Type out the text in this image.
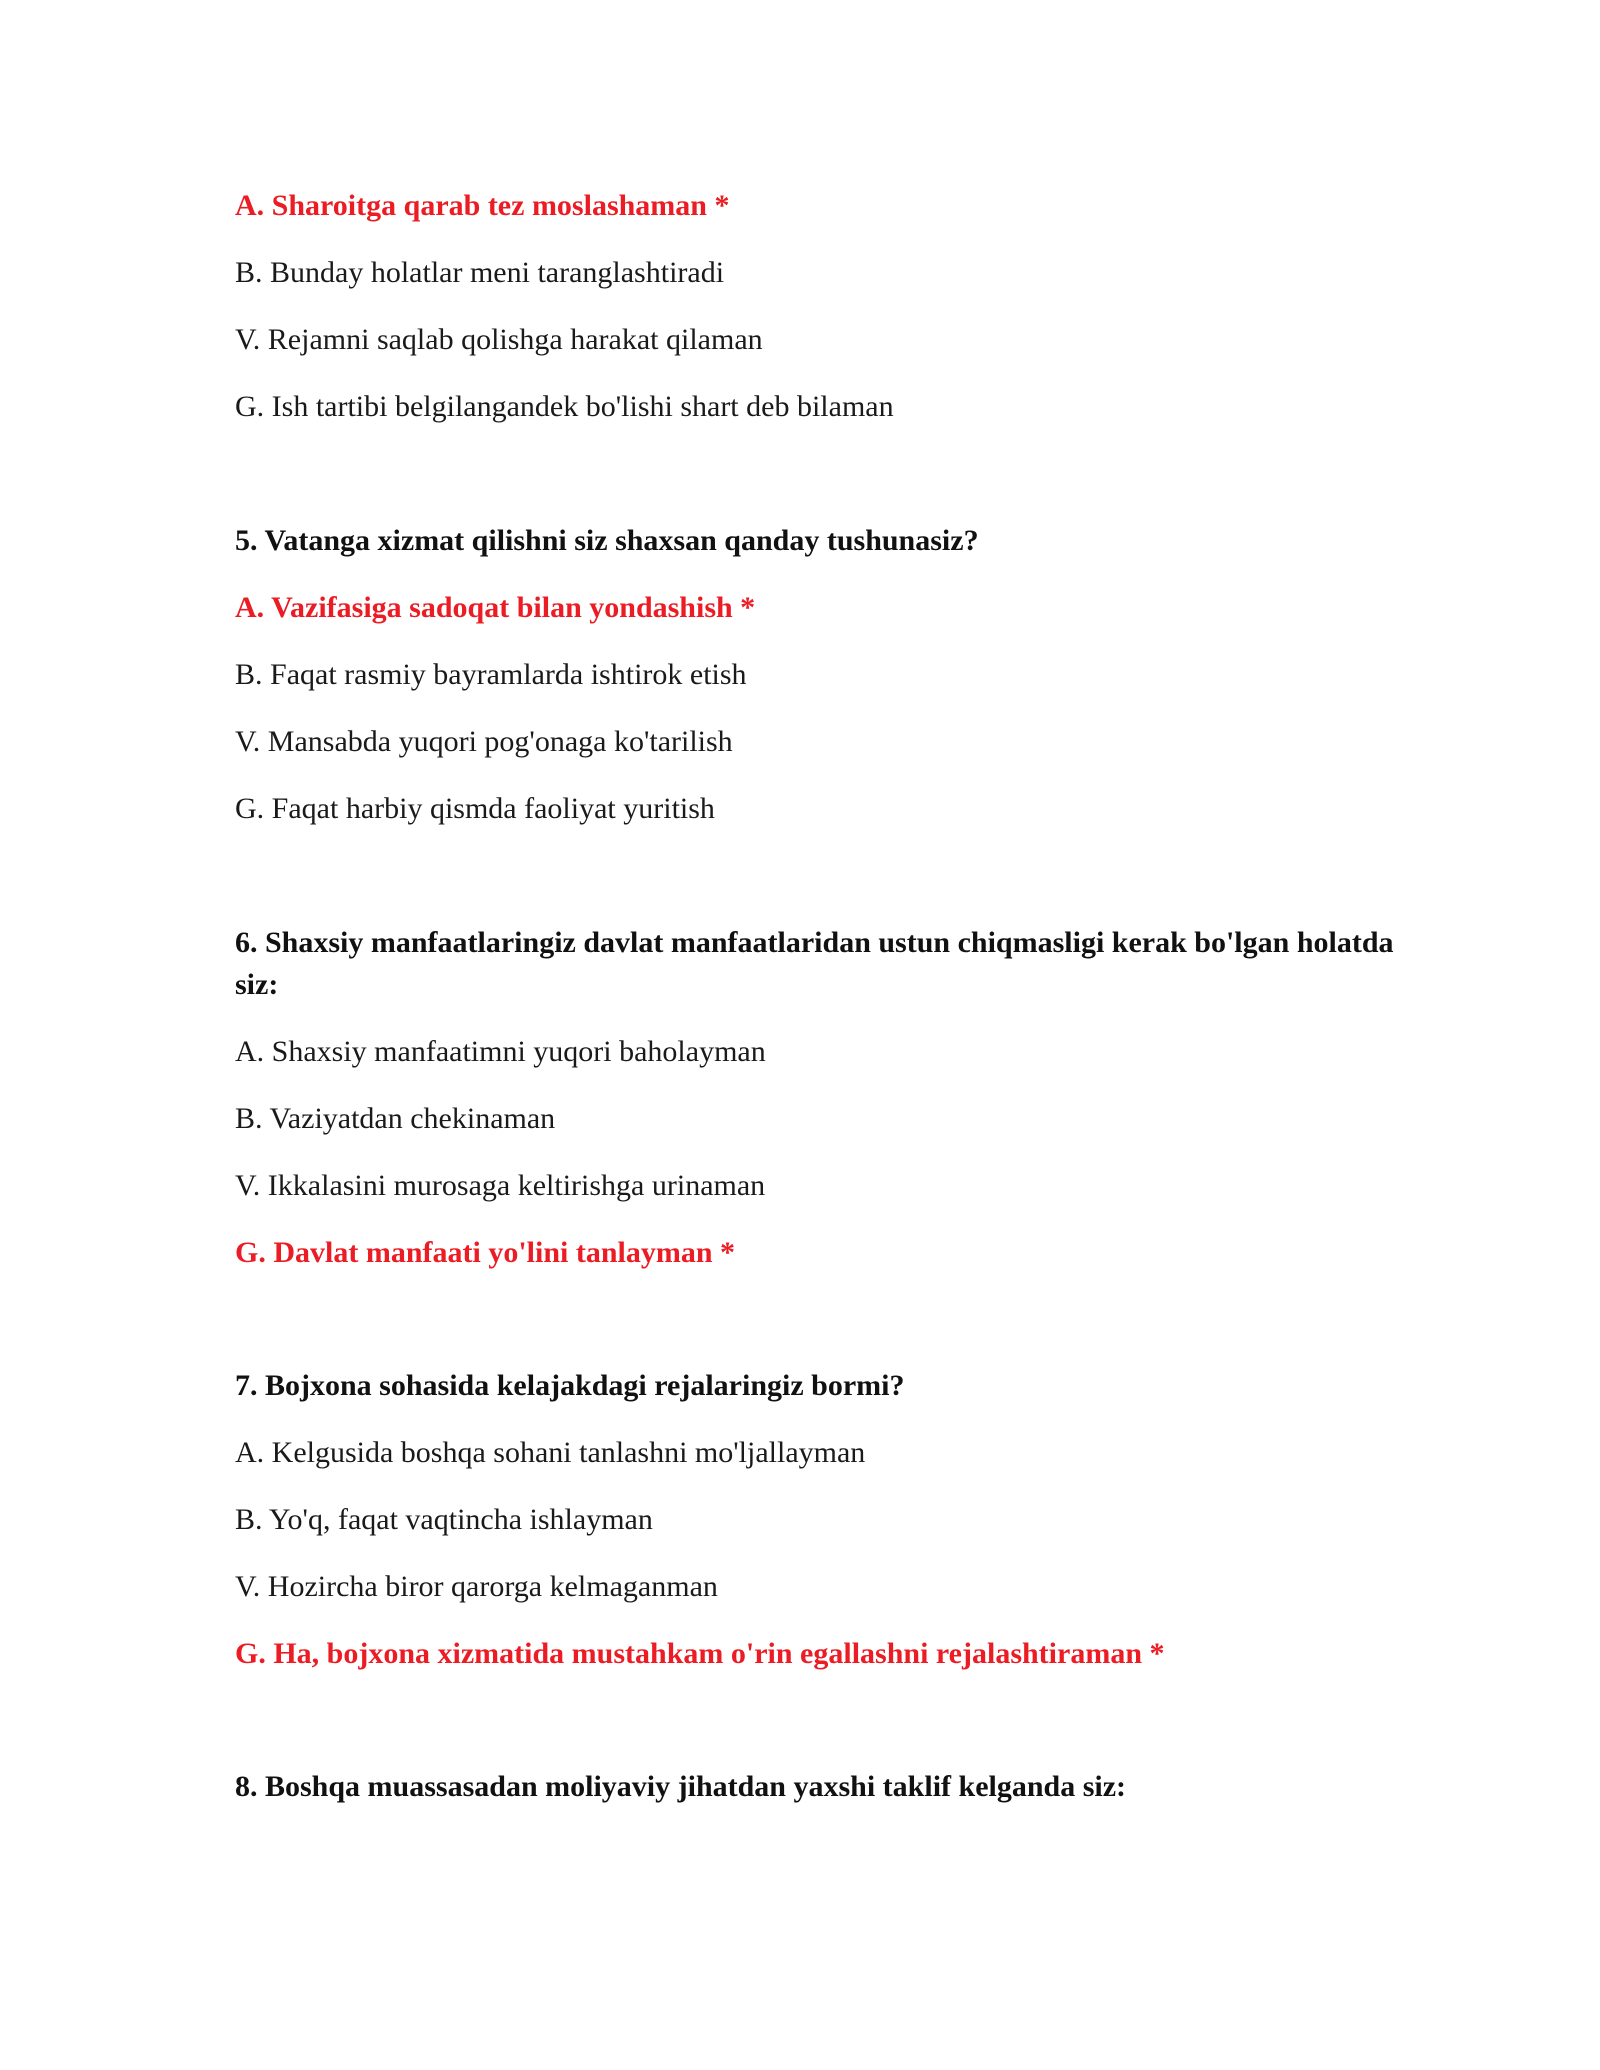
A. Sharoitga qarab tez moslashaman *
B. Bunday holatlar meni taranglashtiradi
V. Rejamni saqlab qolishga harakat qilaman
G. Ish tartibi belgilangandek bo'lishi shart deb bilaman
5. Vatanga xizmat qilishni siz shaxsan qanday tushunasiz?
A. Vazifasiga sadoqat bilan yondashish *
B. Faqat rasmiy bayramlarda ishtirok etish
V. Mansabda yuqori pog'onaga ko'tarilish
G. Faqat harbiy qismda faoliyat yuritish
6. Shaxsiy manfaatlaringiz davlat manfaatlaridan ustun chiqmasligi kerak bo'lgan holatda siz:
A. Shaxsiy manfaatimni yuqori baholayman
B. Vaziyatdan chekinaman
V. Ikkalasini murosaga keltirishga urinaman
G. Davlat manfaati yo'lini tanlayman *
7. Bojxona sohasida kelajakdagi rejalaringiz bormi?
A. Kelgusida boshqa sohani tanlashni mo'ljallayman
B. Yo'q, faqat vaqtincha ishlayman
V. Hozircha biror qarorga kelmaganman
G. Ha, bojxona xizmatida mustahkam o'rin egallashni rejalashtiraman *
8. Boshqa muassasadan moliyaviy jihatdan yaxshi taklif kelganda siz:
